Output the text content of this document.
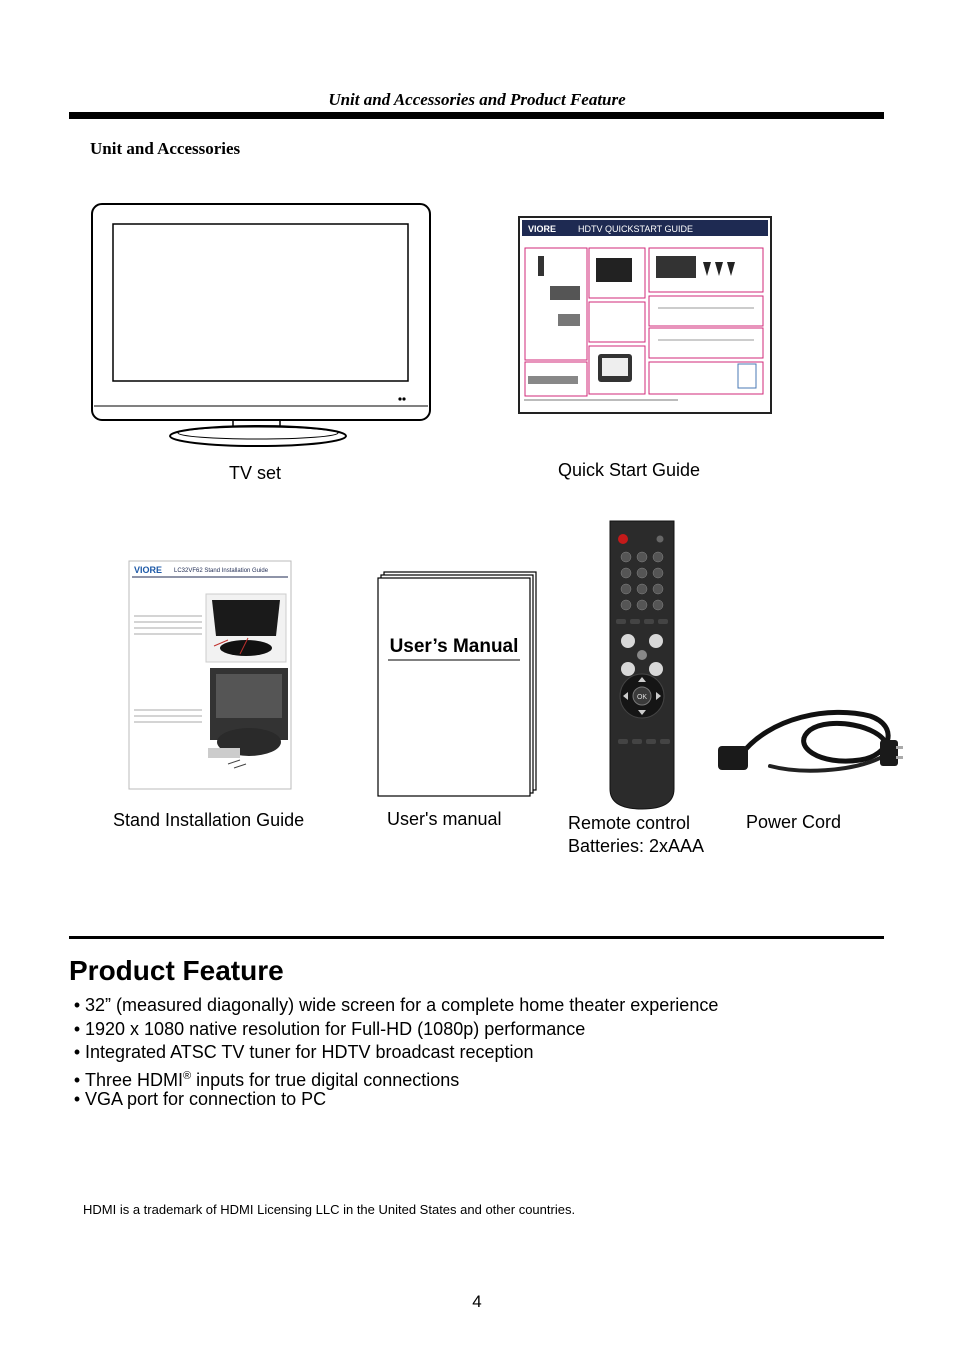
Unit and Accessories and Product Feature
Unit and Accessories
TV set
VIORE HDTV QUICKSTART GUIDE
Quick Start Guide
VIORE LC32VF62 Stand Installation Guide
Stand Installation Guide
User’s Manual
User's manual
OK
Remote control
Batteries: 2xAAA
Power Cord
Product Feature
• 32” (measured diagonally) wide screen for a complete home theater experience
• 1920 x 1080 native resolution for Full-HD (1080p) performance
• Integrated ATSC TV tuner for HDTV broadcast reception
• Three HDMI® inputs for true digital connections
• VGA port for connection to PC
HDMI is a trademark of HDMI Licensing LLC in the United States and other countries.
4
